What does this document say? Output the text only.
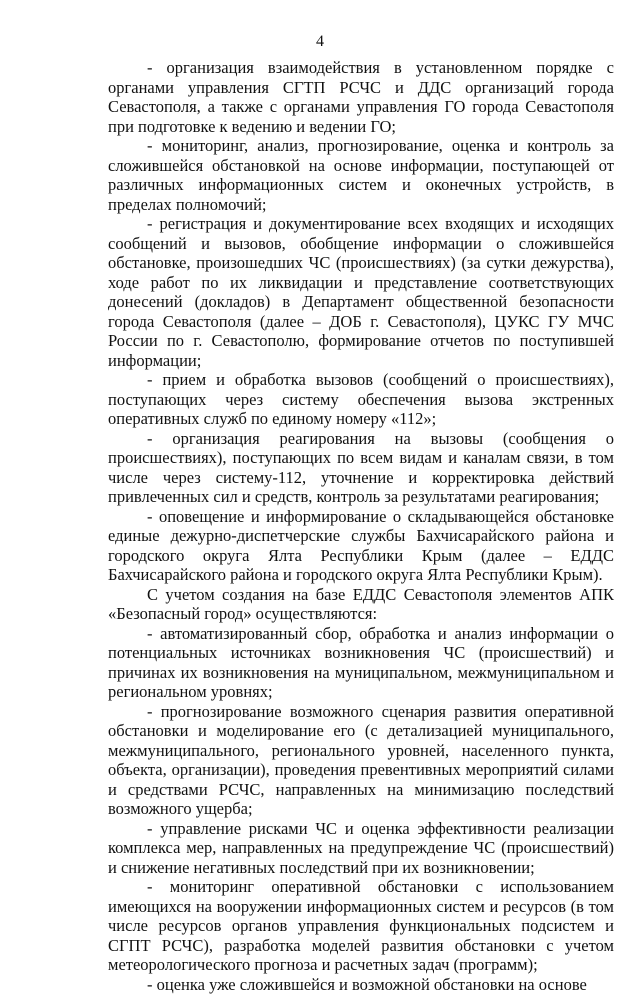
4

- организация взаимодействия в установленном порядке с органами управления СГТП РСЧС и ДДС организаций города Севастополя, а также с органами управления ГО города Севастополя при подготовке к ведению и ведении ГО;

- мониторинг, анализ, прогнозирование, оценка и контроль за сложившейся обстановкой на основе информации, поступающей от различных информационных систем и оконечных устройств, в пределах полномочий;

- регистрация и документирование всех входящих и исходящих сообщений и вызовов, обобщение информации о сложившейся обстановке, произошедших ЧС (происшествиях) (за сутки дежурства), ходе работ по их ликвидации и представление соответствующих донесений (докладов) в Департамент общественной безопасности города Севастополя (далее – ДОБ г. Севастополя), ЦУКС ГУ МЧС России по г. Севастополю, формирование отчетов по поступившей информации;

- прием и обработка вызовов (сообщений о происшествиях), поступающих через систему обеспечения вызова экстренных оперативных служб по единому номеру «112»;

- организация реагирования на вызовы (сообщения о происшествиях), поступающих по всем видам и каналам связи, в том числе через систему-112, уточнение и корректировка действий привлеченных сил и средств, контроль за результатами реагирования;

- оповещение и информирование о складывающейся обстановке единые дежурно-диспетчерские службы Бахчисарайского района и городского округа Ялта Республики Крым (далее – ЕДДС Бахчисарайского района и городского округа Ялта Республики Крым).

С учетом создания на базе ЕДДС Севастополя элементов АПК «Безопасный город» осуществляются:

- автоматизированный сбор, обработка и анализ информации о потенциальных источниках возникновения ЧС (происшествий) и причинах их возникновения на муниципальном, межмуниципальном и региональном уровнях;

- прогнозирование возможного сценария развития оперативной обстановки и моделирование его (с детализацией муниципального, межмуниципального, регионального уровней, населенного пункта, объекта, организации), проведения превентивных мероприятий силами и средствами РСЧС, направленных на минимизацию последствий возможного ущерба;

- управление рисками ЧС и оценка эффективности реализации комплекса мер, направленных на предупреждение ЧС (происшествий) и снижение негативных последствий при их возникновении;

- мониторинг оперативной обстановки с использованием имеющихся на вооружении информационных систем и ресурсов (в том числе ресурсов органов управления функциональных подсистем и СГПТ РСЧС), разработка моделей развития обстановки с учетом метеорологического прогноза и расчетных задач (программ);

- оценка уже сложившейся и возможной обстановки на основе
